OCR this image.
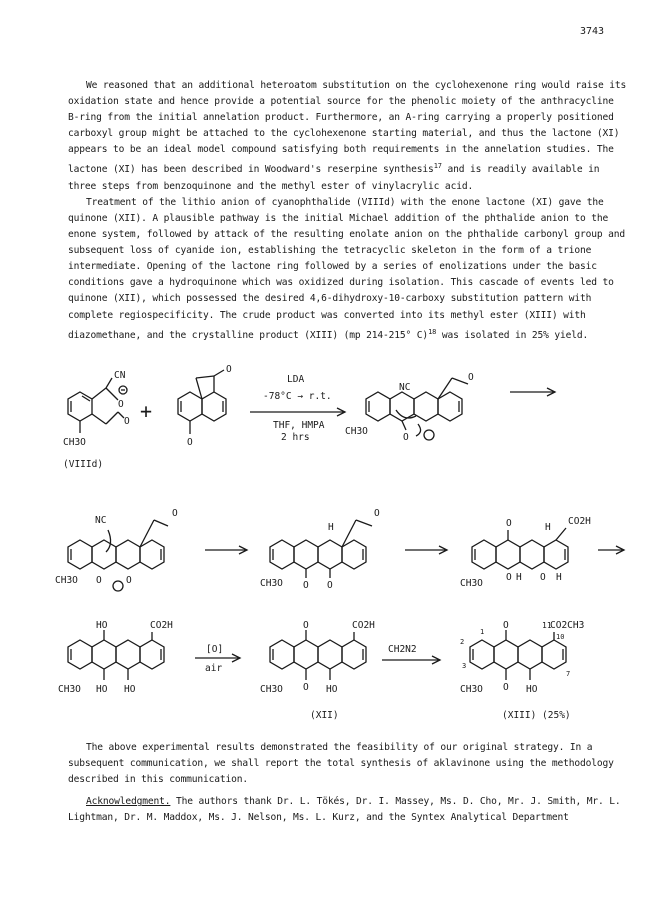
3743

We reasoned that an additional heteroatom substitution on the cyclohexenone ring would raise its oxidation state and hence provide a potential source for the phenolic moiety of the anthracycline B-ring from the initial annelation product. Furthermore, an A-ring carrying a properly positioned carboxyl group might be attached to the cyclohexenone starting material, and thus the lactone (XI) appears to be an ideal model compound satisfying both requirements in the annelation studies. The lactone (XI) has been described in Woodward's reserpine synthesis$^{17}$ and is readily available in three steps from benzoquinone and the methyl ester of vinylacrylic acid.

Treatment of the lithio anion of cyanophthalide (VIIId) with the enone lactone (XI) gave the quinone (XII). A plausible pathway is the initial Michael addition of the phthalide anion to the enone system, followed by attack of the resulting enolate anion on the phthalide carbonyl group and subsequent loss of cyanide ion, establishing the tetracyclic skeleton in the form of a trione intermediate. Opening of the lactone ring followed by a series of enolizations under the basic conditions gave a hydroquinone which was oxidized during isolation. This cascade of events led to quinone (XII), which possessed the desired 4,6-dihydroxy-10-carboxy substitution pattern with complete regiospecificity. The crude product was converted into its methyl ester (XIII) with diazomethane, and the crystalline product (XIII) (mp 214-215° C)$^{18}$ was isolated in 25% yield.

CN
O
O
CH3O
(VIIId)
+
O
O
LDA
-78°C → r.t.
THF, HMPA
2 hrs
NC
O
O
CH3O
NC
O
O
O
CH3O
H
O
O O
CH3O
O	H
CO2H
O H O H
CH3O
HO	CO2H
CH3O HO HO
[O]
air
O	CO2H
CH3O O HO
(XII)
CH2N2
O	11
CO2CH3
10
1
2
3
7
CH3O O HO
(XIII) (25%)

The above experimental results demonstrated the feasibility of our original strategy. In a subsequent communication, we shall report the total synthesis of aklavinone using the methodology described in this communication.

Acknowledgment. The authors thank Dr. L. Tökés, Dr. I. Massey, Ms. D. Cho, Mr. J. Smith, Mr. L. Lightman, Dr. M. Maddox, Ms. J. Nelson, Ms. L. Kurz, and the Syntex Analytical Department
